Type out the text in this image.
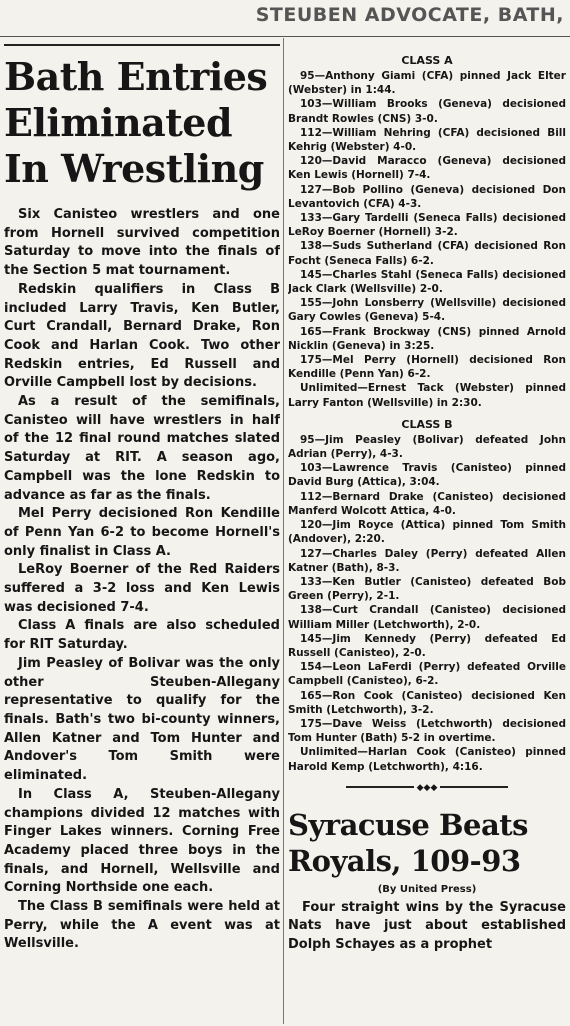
STEUBEN ADVOCATE, BATH,
Bath Entries
Eliminated
In Wrestling

Six Canisteo wrestlers and one from Hornell survived competition Saturday to move into the finals of the Section 5 mat tournament.

Redskin qualifiers in Class B included Larry Travis, Ken Butler, Curt Crandall, Bernard Drake, Ron Cook and Harlan Cook. Two other Redskin entries, Ed Russell and Orville Campbell lost by decisions.

As a result of the semifinals, Canisteo will have wrestlers in half of the 12 final round matches slated Saturday at RIT. A season ago, Campbell was the lone Redskin to advance as far as the finals.

Mel Perry decisioned Ron Kendille of Penn Yan 6-2 to become Hornell's only finalist in Class A.

LeRoy Boerner of the Red Raiders suffered a 3-2 loss and Ken Lewis was decisioned 7-4.

Class A finals are also scheduled for RIT Saturday.

Jim Peasley of Bolivar was the only other Steuben-Allegany representative to qualify for the finals. Bath's two bi-county winners, Allen Katner and Tom Hunter and Andover's Tom Smith were eliminated.

In Class A, Steuben-Allegany champions divided 12 matches with Finger Lakes winners. Corning Free Academy placed three boys in the finals, and Hornell, Wellsville and Corning Northside one each.

The Class B semifinals were held at Perry, while the A event was at Wellsville.

CLASS A

95—Anthony Giami (CFA) pinned Jack Elter (Webster) in 1:44.

103—William Brooks (Geneva) decisioned Brandt Rowles (CNS) 3-0.

112—William Nehring (CFA) decisioned Bill Kehrig (Webster) 4-0.

120—David Maracco (Geneva) decisioned Ken Lewis (Hornell) 7-4.

127—Bob Pollino (Geneva) decisioned Don Levantovich (CFA) 4-3.

133—Gary Tardelli (Seneca Falls) decisioned LeRoy Boerner (Hornell) 3-2.

138—Suds Sutherland (CFA) decisioned Ron Focht (Seneca Falls) 6-2.

145—Charles Stahl (Seneca Falls) decisioned Jack Clark (Wellsville) 2-0.

155—John Lonsberry (Wellsville) decisioned Gary Cowles (Geneva) 5-4.

165—Frank Brockway (CNS) pinned Arnold Nicklin (Geneva) in 3:25.

175—Mel Perry (Hornell) decisioned Ron Kendille (Penn Yan) 6-2.

Unlimited—Ernest Tack (Webster) pinned Larry Fanton (Wellsville) in 2:30.

CLASS B

95—Jim Peasley (Bolivar) defeated John Adrian (Perry), 4-3.

103—Lawrence Travis (Canisteo) pinned David Burg (Attica), 3:04.

112—Bernard Drake (Canisteo) decisioned Manferd Wolcott Attica, 4-0.

120—Jim Royce (Attica) pinned Tom Smith (Andover), 2:20.

127—Charles Daley (Perry) defeated Allen Katner (Bath), 8-3.

133—Ken Butler (Canisteo) defeated Bob Green (Perry), 2-1.

138—Curt Crandall (Canisteo) decisioned William Miller (Letchworth), 2-0.

145—Jim Kennedy (Perry) defeated Ed Russell (Canisteo), 2-0.

154—Leon LaFerdi (Perry) defeated Orville Campbell (Canisteo), 6-2.

165—Ron Cook (Canisteo) decisioned Ken Smith (Letchworth), 3-2.

175—Dave Weiss (Letchworth) decisioned Tom Hunter (Bath) 5-2 in overtime.

Unlimited—Harlan Cook (Canisteo) pinned Harold Kemp (Letchworth), 4:16.

◆◆◆
Syracuse Beats
Royals, 109-93
(By United Press)

Four straight wins by the Syracuse Nats have just about established Dolph Schayes as a prophet
